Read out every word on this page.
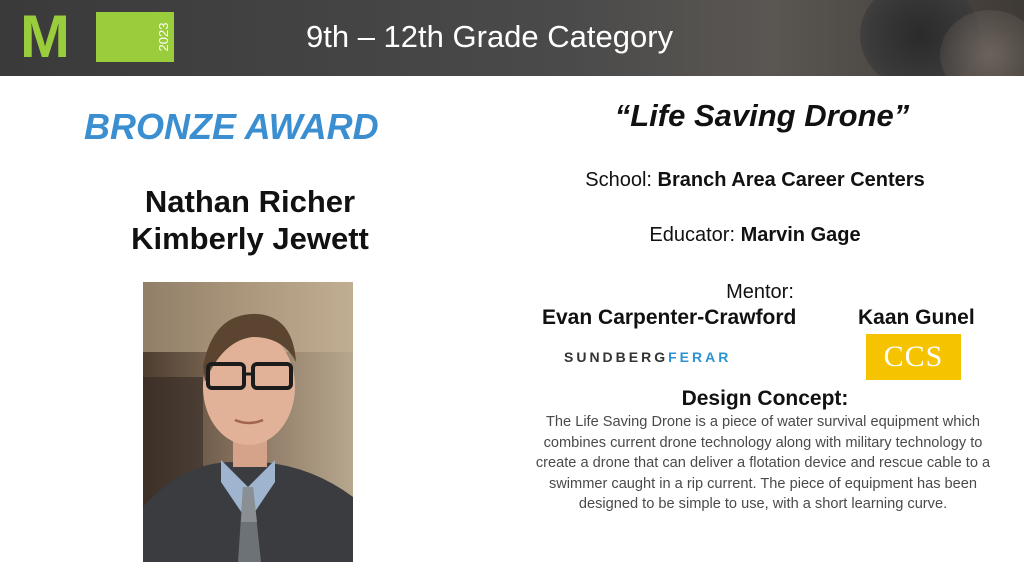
M	2023	9th – 12th Grade Category
BRONZE AWARD
Nathan Richer
Kimberly Jewett
“Life Saving Drone”
School: Branch Area Career Centers
Educator: Marvin Gage
Mentor:
Evan Carpenter-Crawford	Kaan Gunel
SUNDBERGFERAR	CCS
Design Concept:
The Life Saving Drone is a piece of water survival equipment which combines current drone technology along with military technology to create a drone that can deliver a flotation device and rescue cable to a swimmer caught in a rip current. The piece of equipment has been designed to be simple to use, with a short learning curve.
